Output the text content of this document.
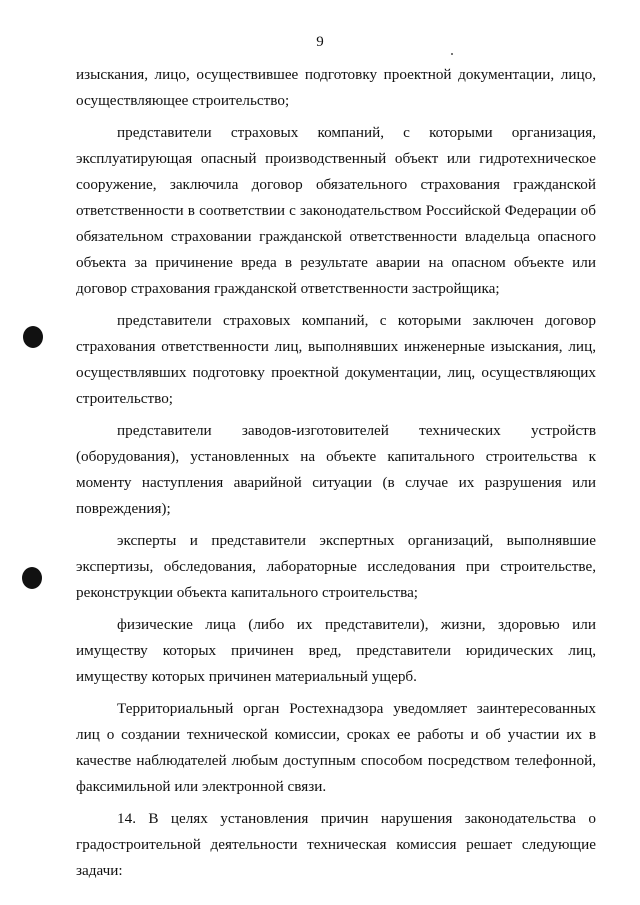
9

изыскания, лицо, осуществившее подготовку проектной документации, лицо, осуществляющее строительство;

представители страховых компаний, с которыми организация, эксплуатирующая опасный производственный объект или гидротехническое сооружение, заключила договор обязательного страхования гражданской ответственности в соответствии с законодательством Российской Федерации об обязательном страховании гражданской ответственности владельца опасного объекта за причинение вреда в результате аварии на опасном объекте или договор страхования гражданской ответственности застройщика;

представители страховых компаний, с которыми заключен договор страхования ответственности лиц, выполнявших инженерные изыскания, лиц, осуществлявших подготовку проектной документации, лиц, осуществляющих строительство;

представители заводов-изготовителей технических устройств (оборудования), установленных на объекте капитального строительства к моменту наступления аварийной ситуации (в случае их разрушения или повреждения);

эксперты и представители экспертных организаций, выполнявшие экспертизы, обследования, лабораторные исследования при строительстве, реконструкции объекта капитального строительства;

физические лица (либо их представители), жизни, здоровью или имуществу которых причинен вред, представители юридических лиц, имуществу которых причинен материальный ущерб.

Территориальный орган Ростехнадзора уведомляет заинтересованных лиц о создании технической комиссии, сроках ее работы и об участии их в качестве наблюдателей любым доступным способом посредством телефонной, факсимильной или электронной связи.

14. В целях установления причин нарушения законодательства о градостроительной деятельности техническая комиссия решает следующие задачи:
